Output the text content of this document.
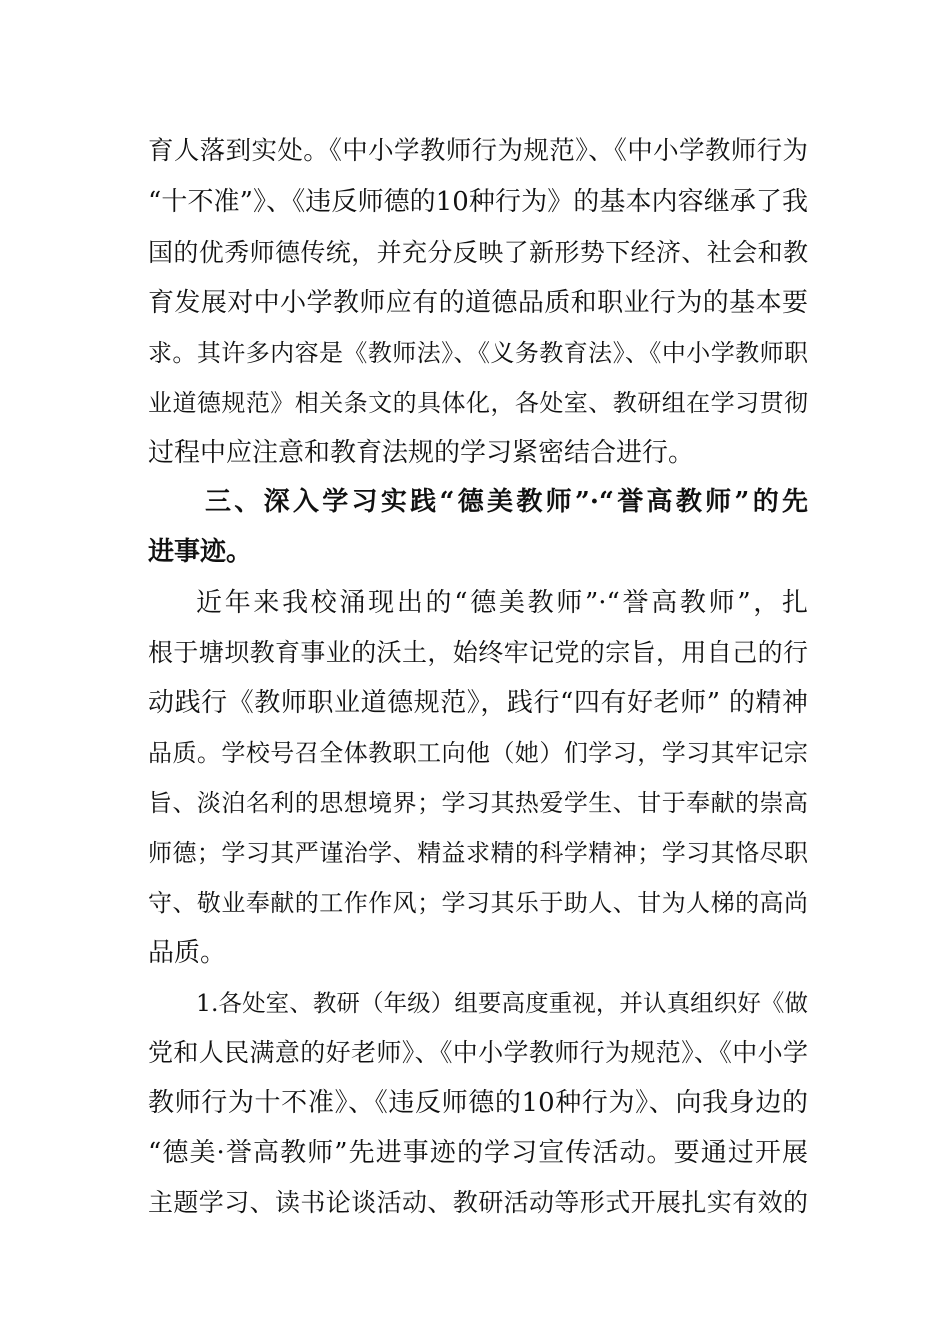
育人落到实处。《中小学教师行为规范》、《中小学教师行为
“十不准”》、《违反师德的10种行为》的基本内容继承了我
国的优秀师德传统，并充分反映了新形势下经济、社会和教
育发展对中小学教师应有的道德品质和职业行为的基本要
求。其许多内容是《教师法》、《义务教育法》、《中小学教师职
业道德规范》相关条文的具体化，各处室、教研组在学习贯彻
过程中应注意和教育法规的学习紧密结合进行。
三、深入学习实践“德美教师”·“誉高教师”的先
进事迹。
近年来我校涌现出的“德美教师”·“誉高教师”，扎
根于塘坝教育事业的沃土，始终牢记党的宗旨，用自己的行
动践行《教师职业道德规范》，践行“四有好老师” 的精神
品质。学校号召全体教职工向他（她）们学习，学习其牢记宗
旨、淡泊名利的思想境界；学习其热爱学生、甘于奉献的崇高
师德；学习其严谨治学、精益求精的科学精神；学习其恪尽职
守、敬业奉献的工作作风；学习其乐于助人、甘为人梯的高尚
品质。
1.各处室、教研（年级）组要高度重视，并认真组织好《做
党和人民满意的好老师》、《中小学教师行为规范》、《中小学
教师行为十不准》、《违反师德的10种行为》、向我身边的
“德美·誉高教师”先进事迹的学习宣传活动。要通过开展
主题学习、读书论谈活动、教研活动等形式开展扎实有效的
